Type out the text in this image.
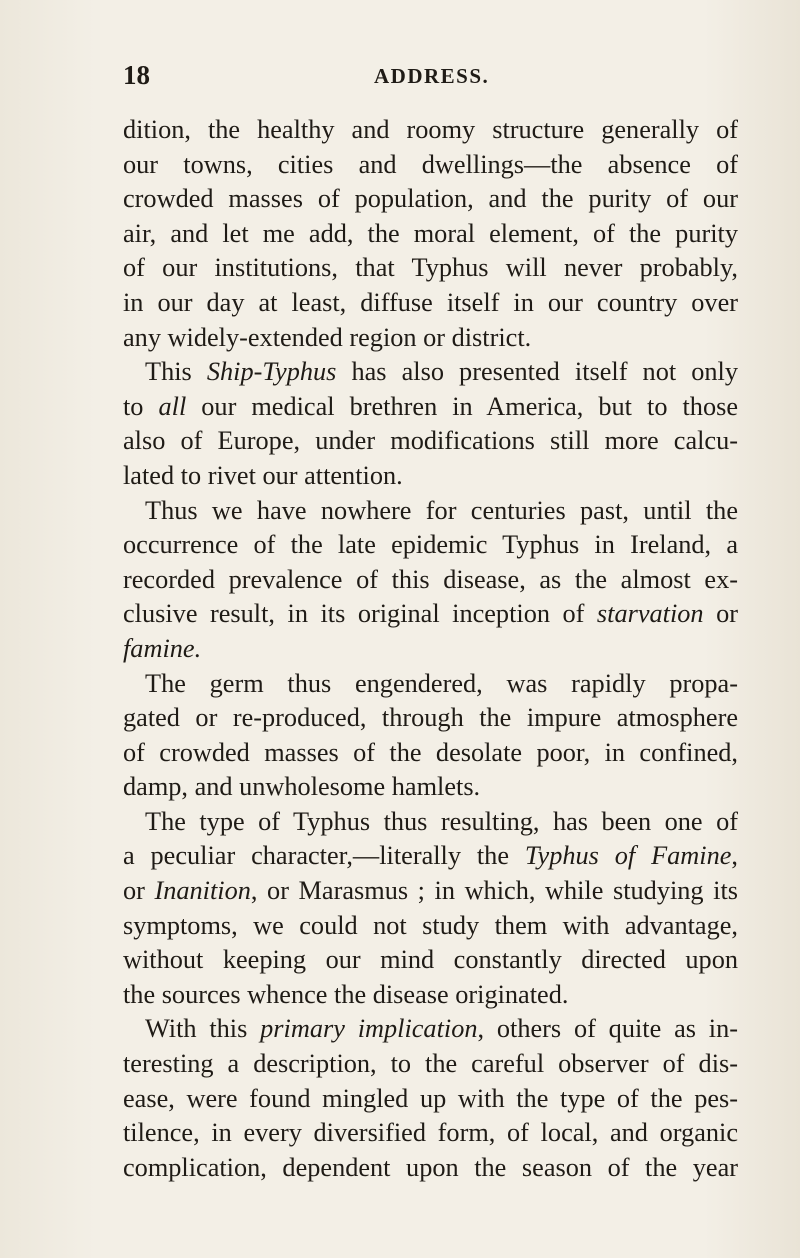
18	ADDRESS.
dition, the healthy and roomy structure generally of
our towns, cities and dwellings—the absence of
crowded masses of population, and the purity of our
air, and let me add, the moral element, of the purity
of our institutions, that Typhus will never probably,
in our day at least, diffuse itself in our country over
any widely-extended region or district.
This Ship-Typhus has also presented itself not only
to all our medical brethren in America, but to those
also of Europe, under modifications still more calcu-
lated to rivet our attention.
Thus we have nowhere for centuries past, until the
occurrence of the late epidemic Typhus in Ireland, a
recorded prevalence of this disease, as the almost ex-
clusive result, in its original inception of starvation or
famine.
The germ thus engendered, was rapidly propa-
gated or re-produced, through the impure atmosphere
of crowded masses of the desolate poor, in confined,
damp, and unwholesome hamlets.
The type of Typhus thus resulting, has been one of
a peculiar character,—literally the Typhus of Famine,
or Inanition, or Marasmus ; in which, while studying its
symptoms, we could not study them with advantage,
without keeping our mind constantly directed upon
the sources whence the disease originated.
With this primary implication, others of quite as in-
teresting a description, to the careful observer of dis-
ease, were found mingled up with the type of the pes-
tilence, in every diversified form, of local, and organic
complication, dependent upon the season of the year
